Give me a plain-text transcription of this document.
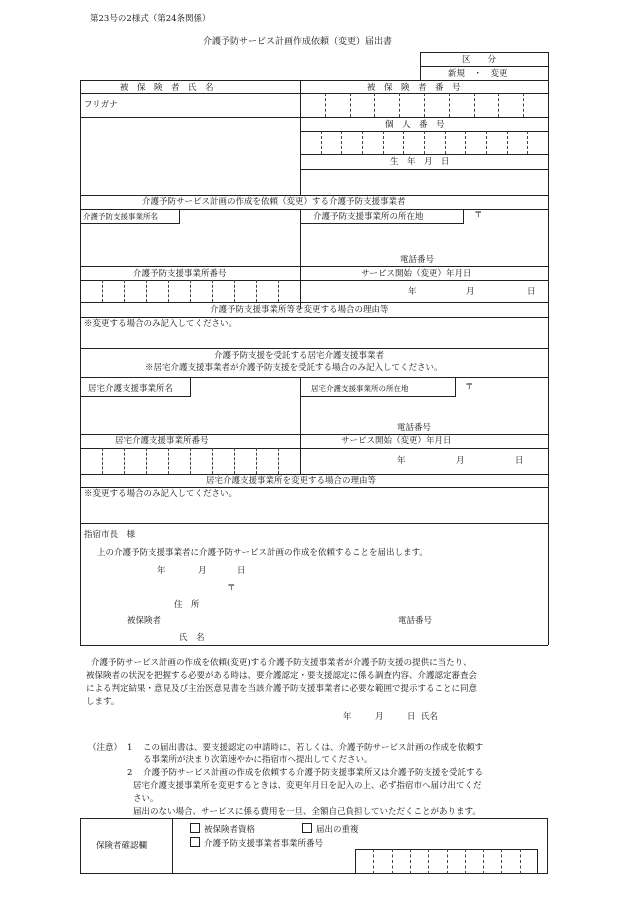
第23号の2様式（第24条関係）
介護予防サービス計画作成依頼（変更）届出書
区　　分
新規　・　変更
被　保　険　者　氏　名	被　保　険　者　番　号
フリガナ
個　人　番　号
生　年　月　日
介護予防サービス計画の作成を依頼（変更）する介護予防支援事業者
介護予防支援事業所名	介護予防支援事業所の所在地	〒
電話番号
介護予防支援事業所番号	サービス開始（変更）年月日
年	月	日
介護予防支援事業所等を変更する場合の理由等
※変更する場合のみ記入してください。
介護予防支援を受託する居宅介護支援事業者
※居宅介護支援事業者が介護予防支援を受託する場合のみ記入してください。
居宅介護支援事業所名	居宅介護支援事業所の所在地	〒
電話番号
居宅介護支援事業所番号	サービス開始（変更）年月日
年	月	日
居宅介護支援事業所を変更する場合の理由等
※変更する場合のみ記入してください。
指宿市長　様
上の介護予防支援事業者に介護予防サービス計画の作成を依頼することを届出します。
年	月	日
〒
住　所
被保険者	電話番号
氏　名
介護予防サービス計画の作成を依頼(変更)する介護予防支援事業者が介護予防支援の提供に当たり、
被保険者の状況を把握する必要がある時は、要介護認定・要支援認定に係る調査内容、介護認定審査会
による判定結果・意見及び主治医意見書を当該介護予防支援事業者に必要な範囲で提示することに同意
します。
年	月	日 氏名
（注意） 1 この届出書は、要支援認定の申請時に、若しくは、介護予防サービス計画の作成を依頼す
る事業所が決まり次第速やかに指宿市へ提出してください。
2 介護予防サービス計画の作成を依頼する介護予防支援事業所又は介護予防支援を受託する
居宅介護支援事業所を変更するときは、変更年月日を記入の上、必ず指宿市へ届け出てくだ
さい。
届出のない場合、サービスに係る費用を一旦、全額自己負担していただくことがあります。
保険者確認欄
被保険者資格	届出の重複
介護予防支援事業者事業所番号
